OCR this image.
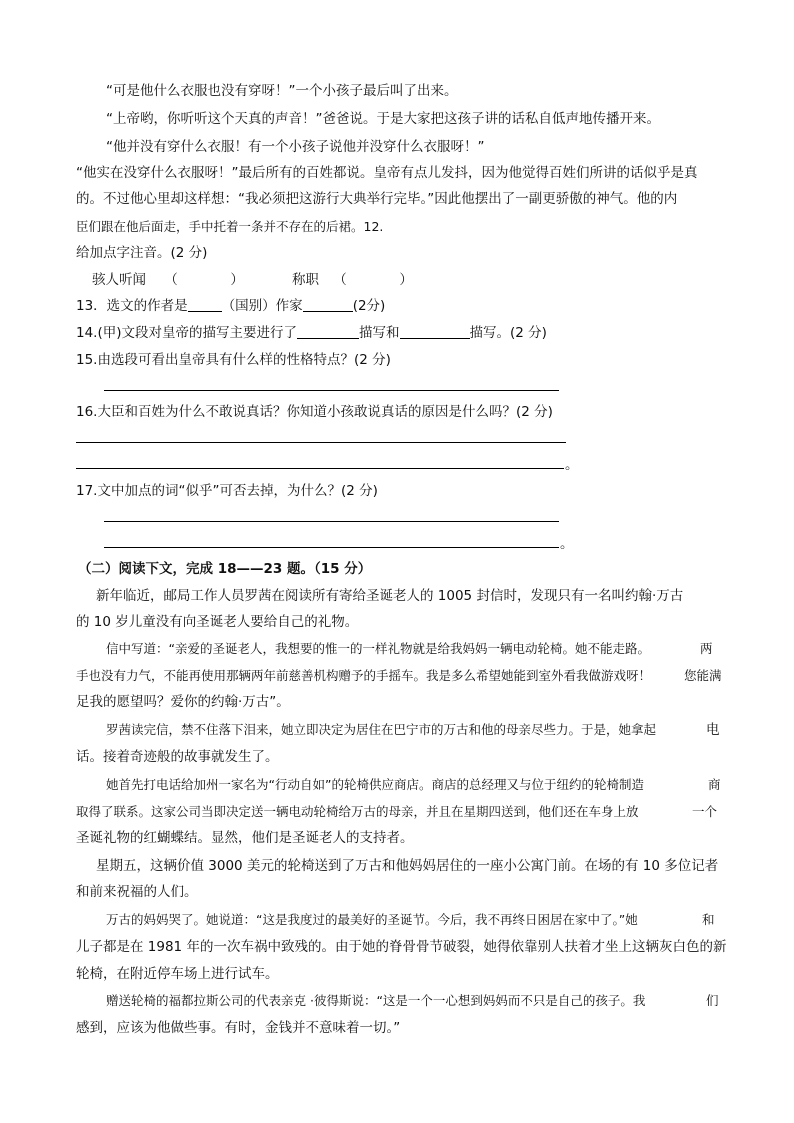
“可是他什么衣服也没有穿呀！”一个小孩子最后叫了出来。
“上帝哟，你听听这个天真的声音！”爸爸说。于是大家把这孩子讲的话私自低声地传播开来。
“他并没有穿什么衣服！有一个小孩子说他并没穿什么衣服呀！”
“他实在没穿什么衣服呀！”最后所有的百姓都说。皇帝有点儿发抖，因为他觉得百姓们所讲的话似乎是真
的。不过他心里却这样想：“我必须把这游行大典举行完毕。”因此他摆出了一副更骄傲的神气。他的内
臣们跟在他后面走，手中托着一条并不存在的后裙。12.
给加点字注音。(2 分)
骇人听闻 （	）	称职 （	）
13．选文的作者是	（国别）作家	(2分)
14.(甲)文段对皇帝的描写主要进行了	描写和	描写。(2 分)
15.由选段可看出皇帝具有什么样的性格特点？(2 分)
16.大臣和百姓为什么不敢说真话？你知道小孩敢说真话的原因是什么吗？(2 分)
。
17.文中加点的词“似乎”可否去掉，为什么？(2 分)
。
（二）阅读下文，完成 18——23 题。（15 分）
新年临近，邮局工作人员罗茜在阅读所有寄给圣诞老人的 1005 封信时，发现只有一名叫约翰·万古
的 10 岁儿童没有向圣诞老人要给自己的礼物。
信中写道：“亲爱的圣诞老人，我想要的惟一的一样礼物就是给我妈妈一辆电动轮椅。她不能走路。	两
手也没有力气，不能再使用那辆两年前慈善机构赠予的手摇车。我是多么希望她能到室外看我做游戏呀！	您能满
足我的愿望吗？爱你的约翰·万古”。
罗茜读完信，禁不住落下泪来，她立即决定为居住在巴宁市的万古和他的母亲尽些力。于是，她拿起	电
话。接着奇迹般的故事就发生了。
她首先打电话给加州一家名为“行动自如”的轮椅供应商店。商店的总经理又与位于纽约的轮椅制造	商
取得了联系。这家公司当即决定送一辆电动轮椅给万古的母亲，并且在星期四送到，他们还在车身上放	一个
圣诞礼物的红蝴蝶结。显然，他们是圣诞老人的支持者。
星期五，这辆价值 3000 美元的轮椅送到了万古和他妈妈居住的一座小公寓门前。在场的有 10 多位记者
和前来祝福的人们。
万古的妈妈哭了。她说道：“这是我度过的最美好的圣诞节。今后，我不再终日困居在家中了。”她	和
儿子都是在 1981 年的一次车祸中致残的。由于她的脊骨骨节破裂，她得依靠别人扶着才坐上这辆灰白色的新
轮椅，在附近停车场上进行试车。
赠送轮椅的福都拉斯公司的代表亲克 ·彼得斯说：“这是一个一心想到妈妈而不只是自己的孩子。我	们
感到，应该为他做些事。有时，金钱并不意味着一切。”
